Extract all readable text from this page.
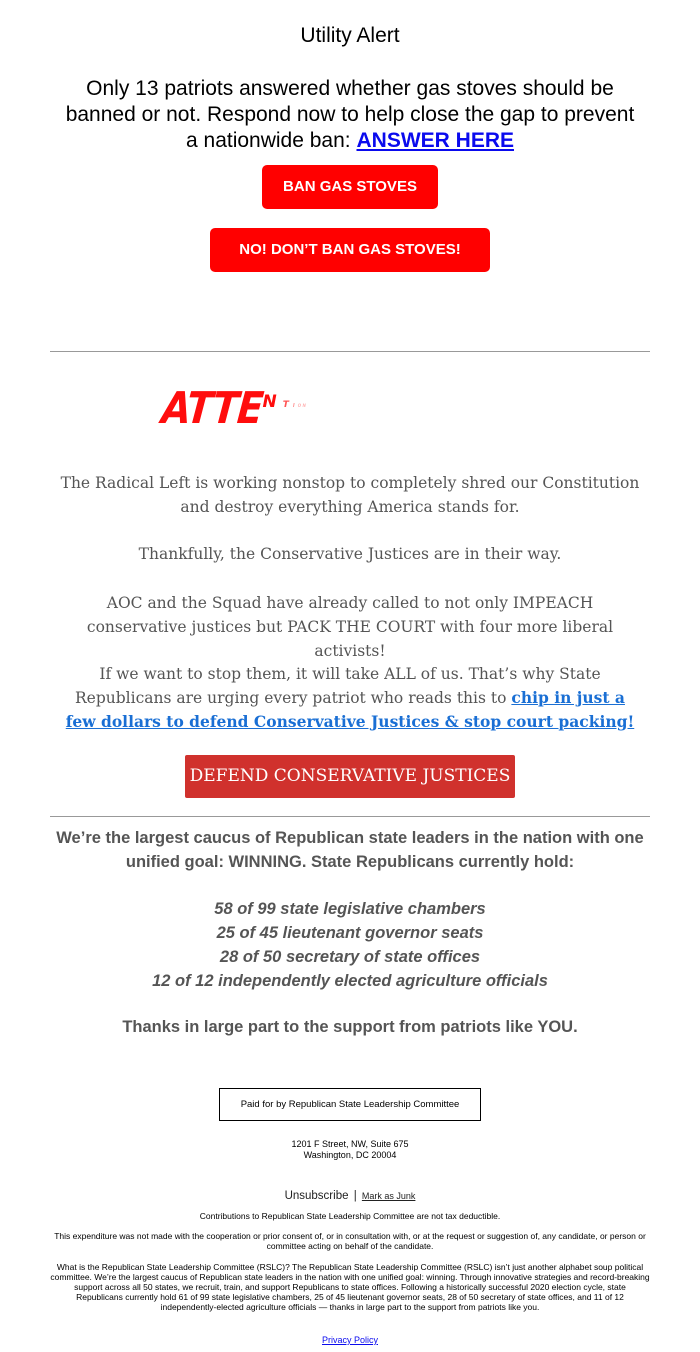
Utility Alert
Only 13 patriots answered whether gas stoves should be banned or not. Respond now to help close the gap to prevent a nationwide ban: ANSWER HERE
BAN GAS STOVES
NO! DON’T BAN GAS STOVES!
ATTEN T I O N
The Radical Left is working nonstop to completely shred our Constitution and destroy everything America stands for.
Thankfully, the Conservative Justices are in their way.
AOC and the Squad have already called to not only IMPEACH conservative justices but PACK THE COURT with four more liberal activists!
If we want to stop them, it will take ALL of us. That’s why State Republicans are urging every patriot who reads this to chip in just a few dollars to defend Conservative Justices & stop court packing!
DEFEND CONSERVATIVE JUSTICES
We’re the largest caucus of Republican state leaders in the nation with one unified goal: WINNING. State Republicans currently hold:
58 of 99 state legislative chambers
25 of 45 lieutenant governor seats
28 of 50 secretary of state offices
12 of 12 independently elected agriculture officials
Thanks in large part to the support from patriots like YOU.
Paid for by Republican State Leadership Committee
1201 F Street, NW, Suite 675
Washington, DC 20004
Unsubscribe | Mark as Junk
Contributions to Republican State Leadership Committee are not tax deductible.
This expenditure was not made with the cooperation or prior consent of, or in consultation with, or at the request or suggestion of, any candidate, or person or committee acting on behalf of the candidate.
What is the Republican State Leadership Committee (RSLC)? The Republican State Leadership Committee (RSLC) isn’t just another alphabet soup political committee. We’re the largest caucus of Republican state leaders in the nation with one unified goal: winning. Through innovative strategies and record-breaking support across all 50 states, we recruit, train, and support Republicans to state offices. Following a historically successful 2020 election cycle, state Republicans currently hold 61 of 99 state legislative chambers, 25 of 45 lieutenant governor seats, 28 of 50 secretary of state offices, and 11 of 12 independently-elected agriculture officials — thanks in large part to the support from patriots like you.
Privacy Policy
